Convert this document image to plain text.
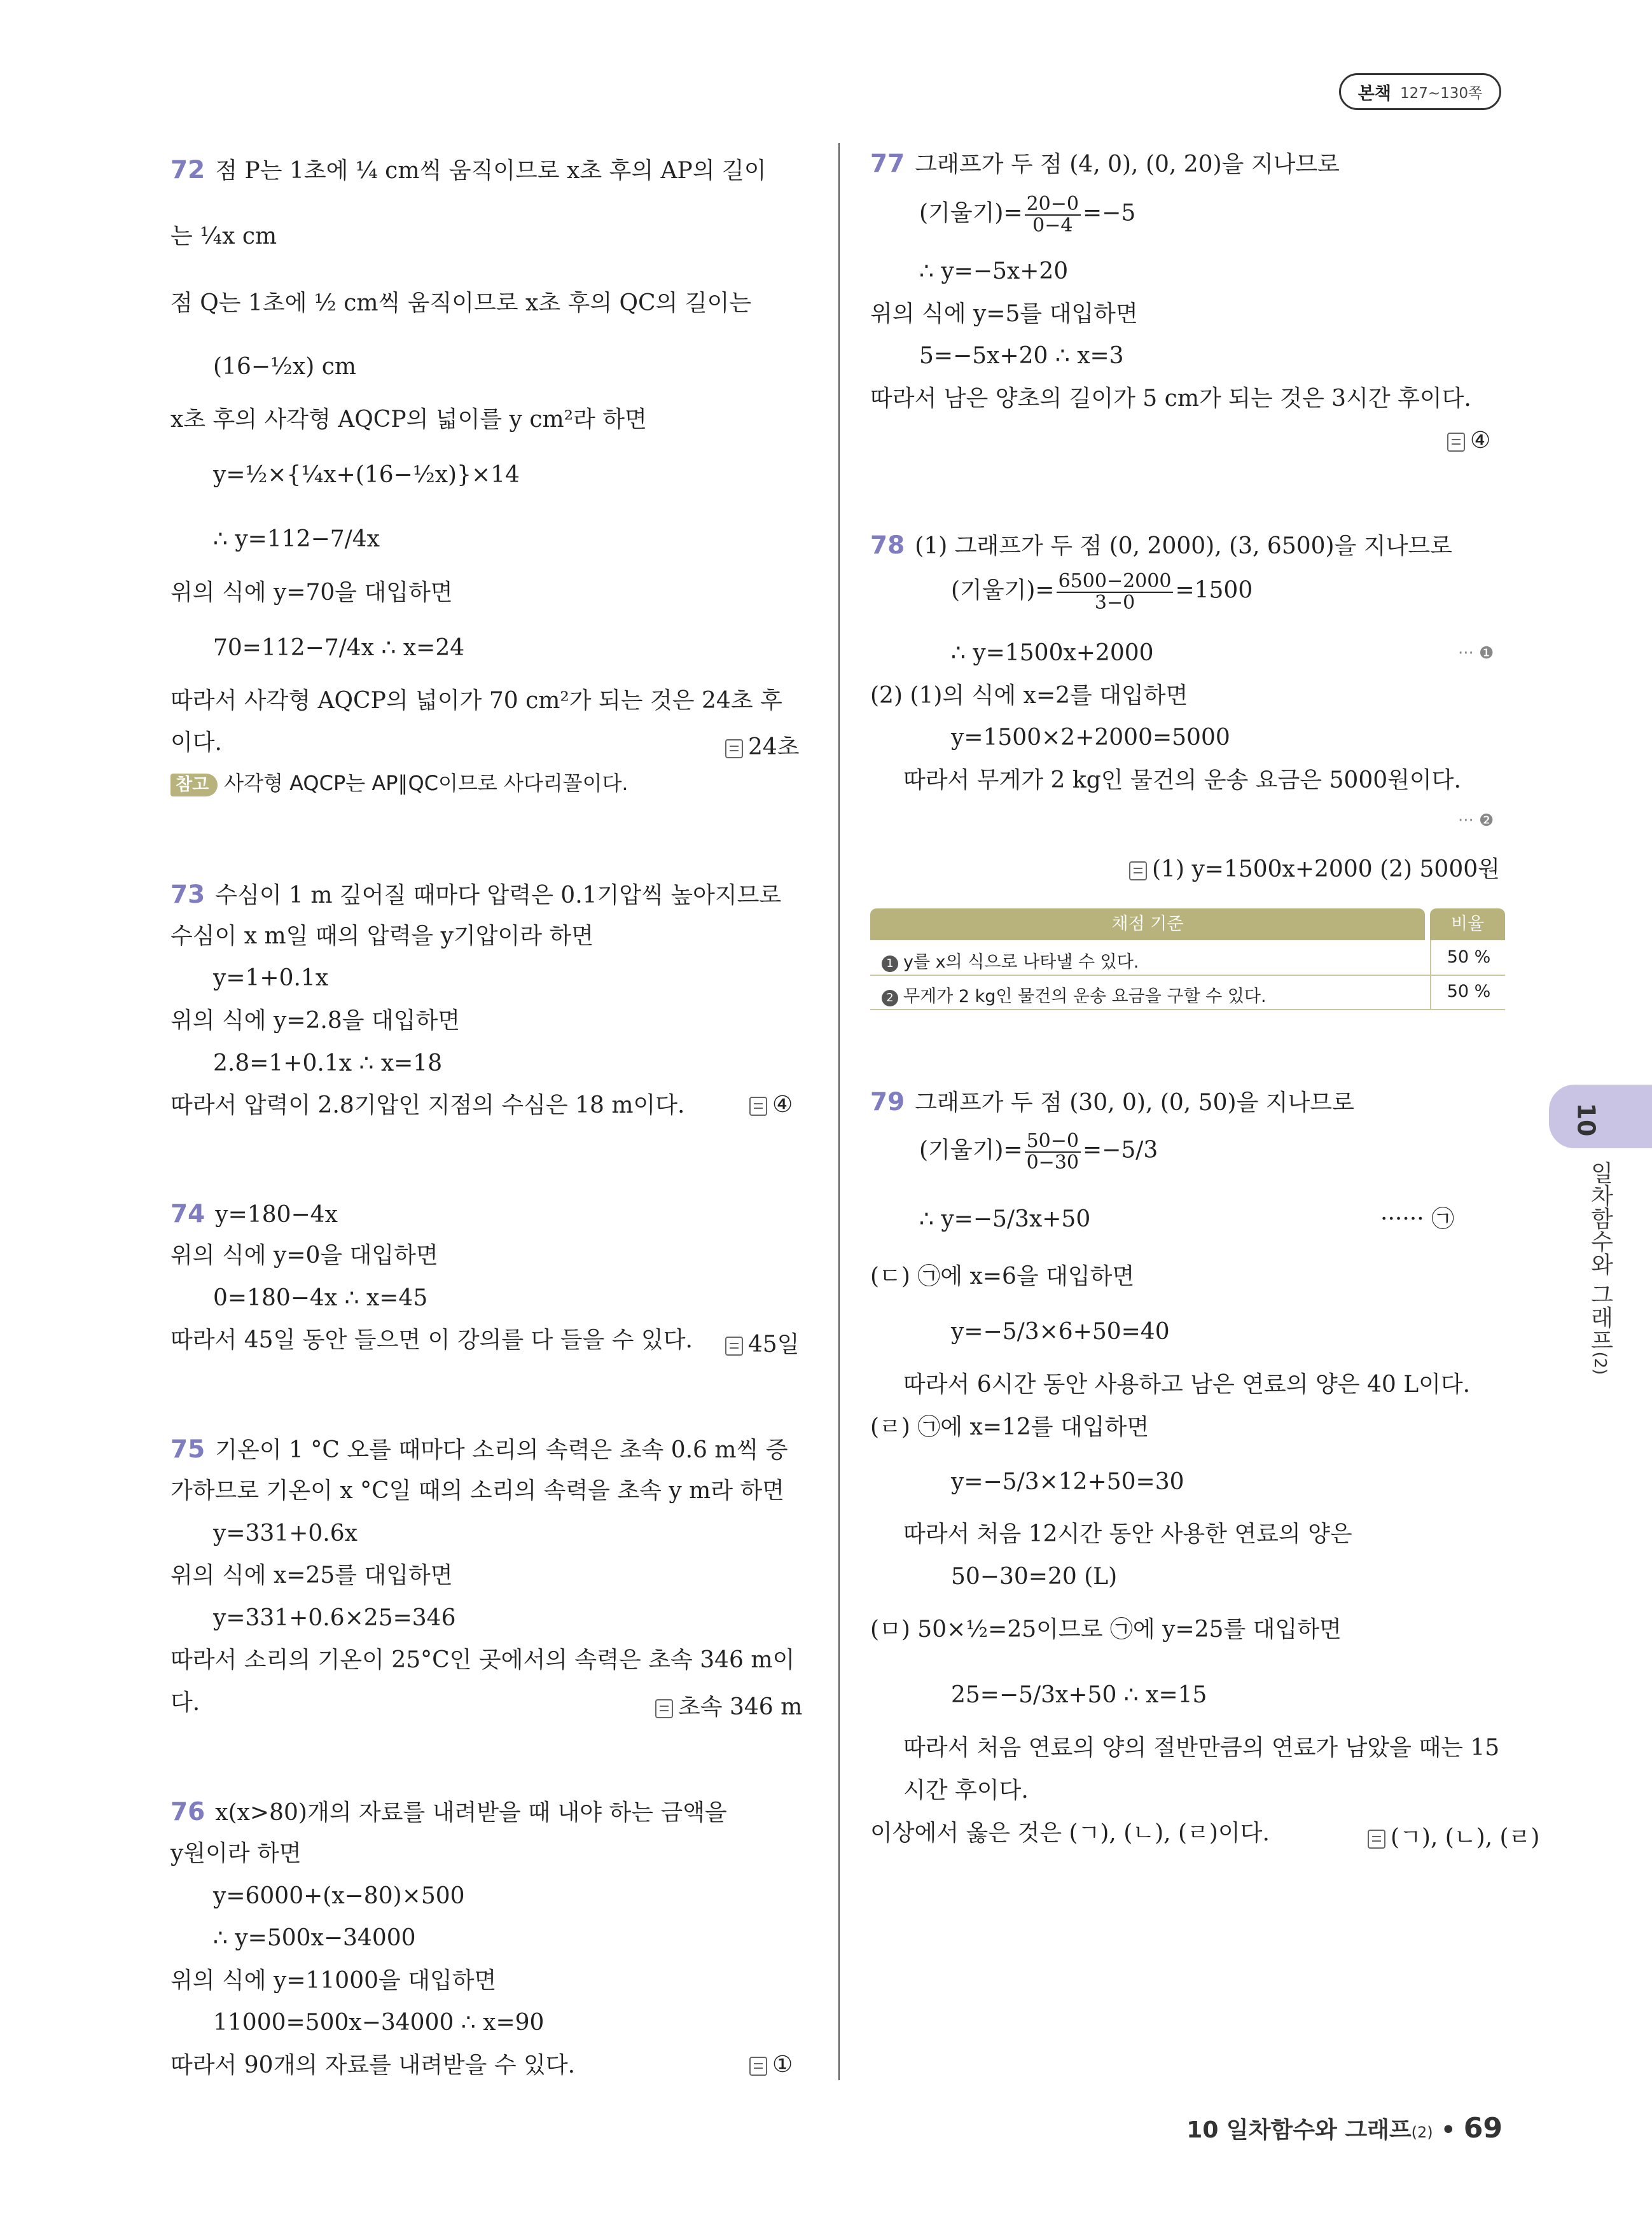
본책 127~130쪽
72 점 P는 1초에 ¼ cm씩 움직이므로 x초 후의 AP의 길이
는 ¼x cm
점 Q는 1초에 ½ cm씩 움직이므로 x초 후의 QC의 길이는
(16−½x) cm
x초 후의 사각형 AQCP의 넓이를 y cm²라 하면
y=½×{¼x+(16−½x)}×14
∴ y=112−7/4x
위의 식에 y=70을 대입하면
70=112−7/4x ∴ x=24
따라서 사각형 AQCP의 넓이가 70 cm²가 되는 것은 24초 후
이다.	24초
참고 사각형 AQCP는 AP∥QC이므로 사다리꼴이다.
73 수심이 1 m 깊어질 때마다 압력은 0.1기압씩 높아지므로
수심이 x m일 때의 압력을 y기압이라 하면
y=1+0.1x
위의 식에 y=2.8을 대입하면
2.8=1+0.1x ∴ x=18
따라서 압력이 2.8기압인 지점의 수심은 18 m이다.	④
74 y=180−4x
위의 식에 y=0을 대입하면
0=180−4x ∴ x=45
따라서 45일 동안 들으면 이 강의를 다 들을 수 있다.	45일
75 기온이 1 °C 오를 때마다 소리의 속력은 초속 0.6 m씩 증
가하므로 기온이 x °C일 때의 소리의 속력을 초속 y m라 하면
y=331+0.6x
위의 식에 x=25를 대입하면
y=331+0.6×25=346
따라서 소리의 기온이 25°C인 곳에서의 속력은 초속 346 m이
다.	초속 346 m
76 x(x>80)개의 자료를 내려받을 때 내야 하는 금액을
y원이라 하면
y=6000+(x−80)×500
∴ y=500x−34000
위의 식에 y=11000을 대입하면
11000=500x−34000 ∴ x=90
따라서 90개의 자료를 내려받을 수 있다.	①
77 그래프가 두 점 (4, 0), (0, 20)을 지나므로
(기울기)= $\frac{20-0}{0-4} =-5$
∴ y=−5x+20
위의 식에 y=5를 대입하면
5=−5x+20 ∴ x=3
따라서 남은 양초의 길이가 5 cm가 되는 것은 3시간 후이다.
④
78 (1) 그래프가 두 점 (0, 2000), (3, 6500)을 지나므로
(기울기)= $\frac{6500-2000}{3-0} =1500$
∴ y=1500x+2000	··· ❶
(2) (1)의 식에 x=2를 대입하면
y=1500×2+2000=5000
따라서 무게가 2 kg인 물건의 운송 요금은 5000원이다.
··· ❷
(1) y=1500x+2000 (2) 5000원
채점 기준	비율
1 y를 x의 식으로 나타낼 수 있다.	50 %
2 무게가 2 kg인 물건의 운송 요금을 구할 수 있다.	50 %
79 그래프가 두 점 (30, 0), (0, 50)을 지나므로
(기울기)= $\frac{50-0}{0-30} =-5/3$
∴ y=−5/3x+50	······ ㉠
(ㄷ) ㉠에 x=6을 대입하면
y=−5/3×6+50=40
따라서 6시간 동안 사용하고 남은 연료의 양은 40 L이다.
(ㄹ) ㉠에 x=12를 대입하면
y=−5/3×12+50=30
따라서 처음 12시간 동안 사용한 연료의 양은
50−30=20 (L)
(ㅁ) 50×½=25이므로 ㉠에 y=25를 대입하면
25=−5/3x+50 ∴ x=15
따라서 처음 연료의 양의 절반만큼의 연료가 남았을 때는 15
시간 후이다.
이상에서 옳은 것은 (ㄱ), (ㄴ), (ㄹ)이다.	(ㄱ), (ㄴ), (ㄹ)
10
일차함수와 그래프(2)
10 일차함수와 그래프(2) • 69
